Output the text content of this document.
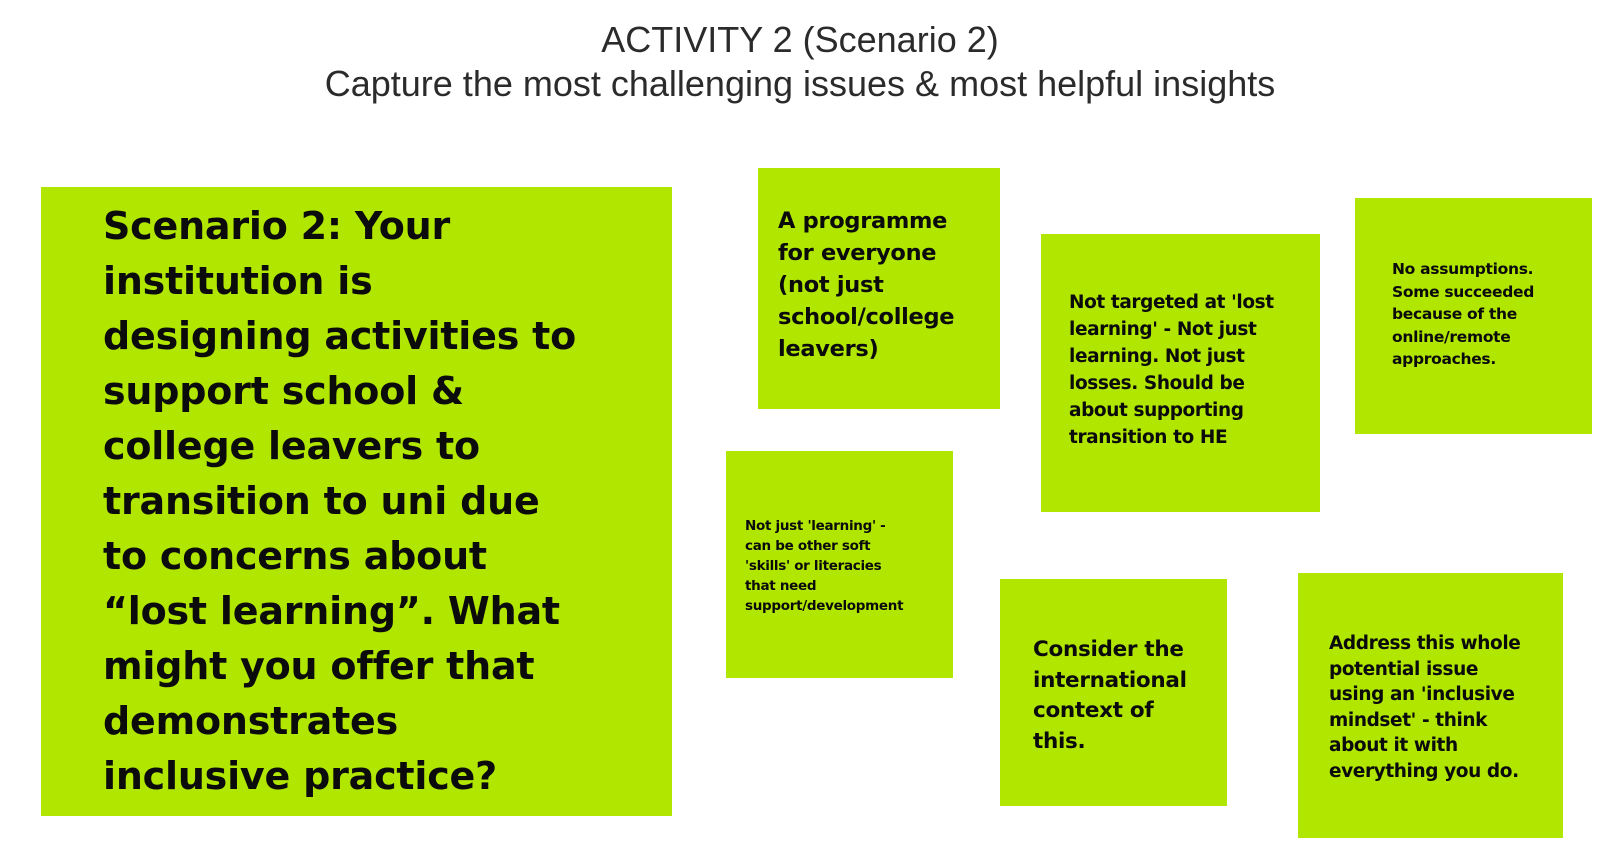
ACTIVITY 2 (Scenario 2)
Capture the most challenging issues & most helpful insights
Scenario 2: Your
institution is
designing activities to
support school &
college leavers to
transition to uni due
to concerns about
“lost learning”. What
might you offer that
demonstrates
inclusive practice?
A programme
for everyone
(not just
school/college
leavers)
Not targeted at 'lost
learning' - Not just
learning. Not just
losses. Should be
about supporting
transition to HE
No assumptions.
Some succeeded
because of the
online/remote
approaches.
Not just 'learning' -
can be other soft
'skills' or literacies
that need
support/development
Consider the
international
context of
this.
Address this whole
potential issue
using an 'inclusive
mindset' - think
about it with
everything you do.
